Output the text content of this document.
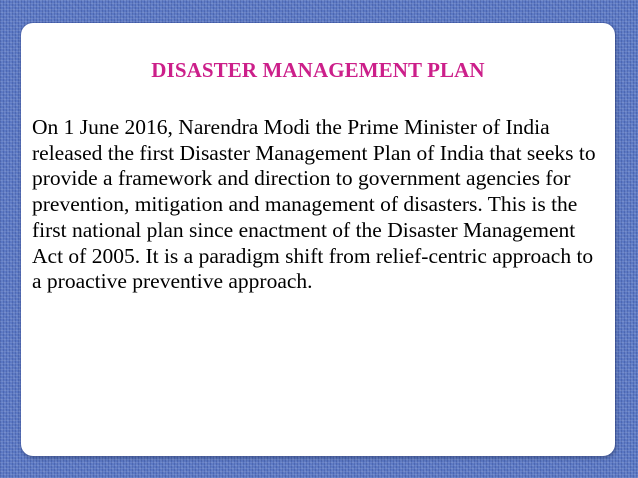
DISASTER MANAGEMENT PLAN

On 1 June 2016, Narendra Modi the Prime Minister of India released the first Disaster Management Plan of India that seeks to provide a framework and direction to government agencies for prevention, mitigation and management of disasters. This is the first national plan since enactment of the Disaster Management Act of 2005. It is a paradigm shift from relief-centric approach to a proactive preventive approach.
